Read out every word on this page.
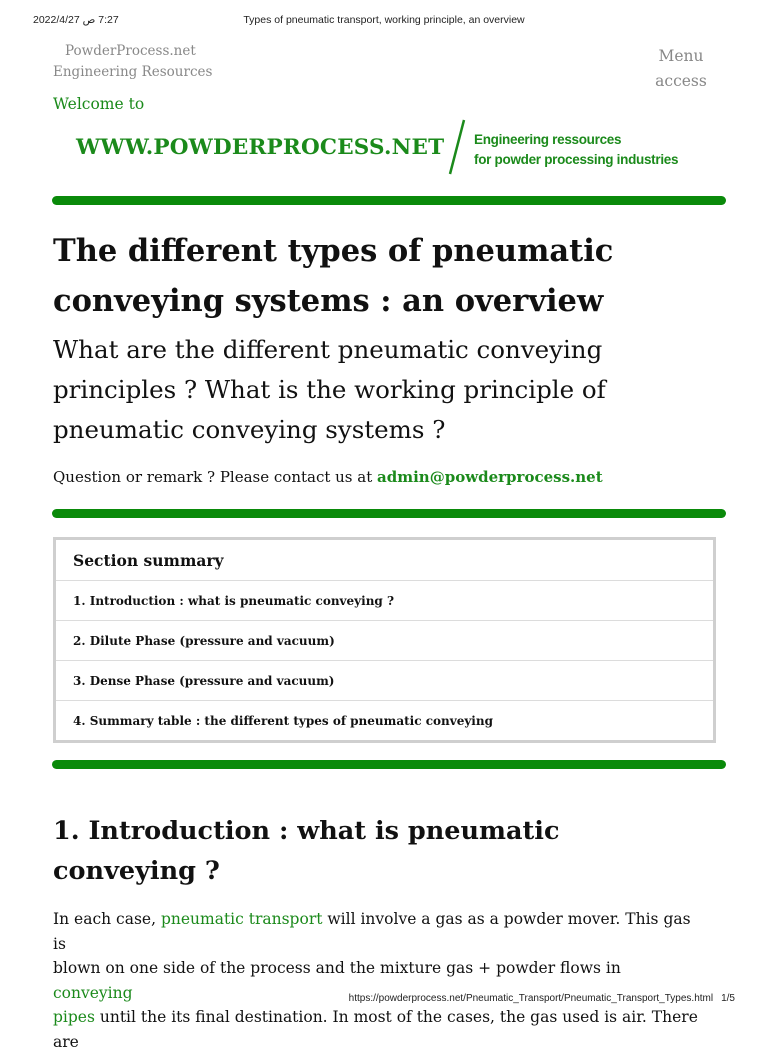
Types of pneumatic transport, working principle, an overview
7:27 ص 2022/4/27
PowderProcess.net
Engineering Resources
Menu
access
Welcome to
WWW.POWDERPROCESS.NET Engineering ressources
for powder processing industries
The different types of pneumatic
conveying systems : an overview
What are the different pneumatic conveying
principles ? What is the working principle of
pneumatic conveying systems ?
Question or remark ? Please contact us at admin@powderprocess.net
Section summary
1. Introduction : what is pneumatic conveying ?
2. Dilute Phase (pressure and vacuum)
3. Dense Phase (pressure and vacuum)
4. Summary table : the different types of pneumatic conveying
1. Introduction : what is pneumatic
conveying ?

In each case, pneumatic transport will involve a gas as a powder mover. This gas is
blown on one side of the process and the mixture gas + powder flows in conveying
pipes until the its final destination. In most of the cases, the gas used is air. There are

https://powderprocess.net/Pneumatic_Transport/Pneumatic_Transport_Types.html 1/5
